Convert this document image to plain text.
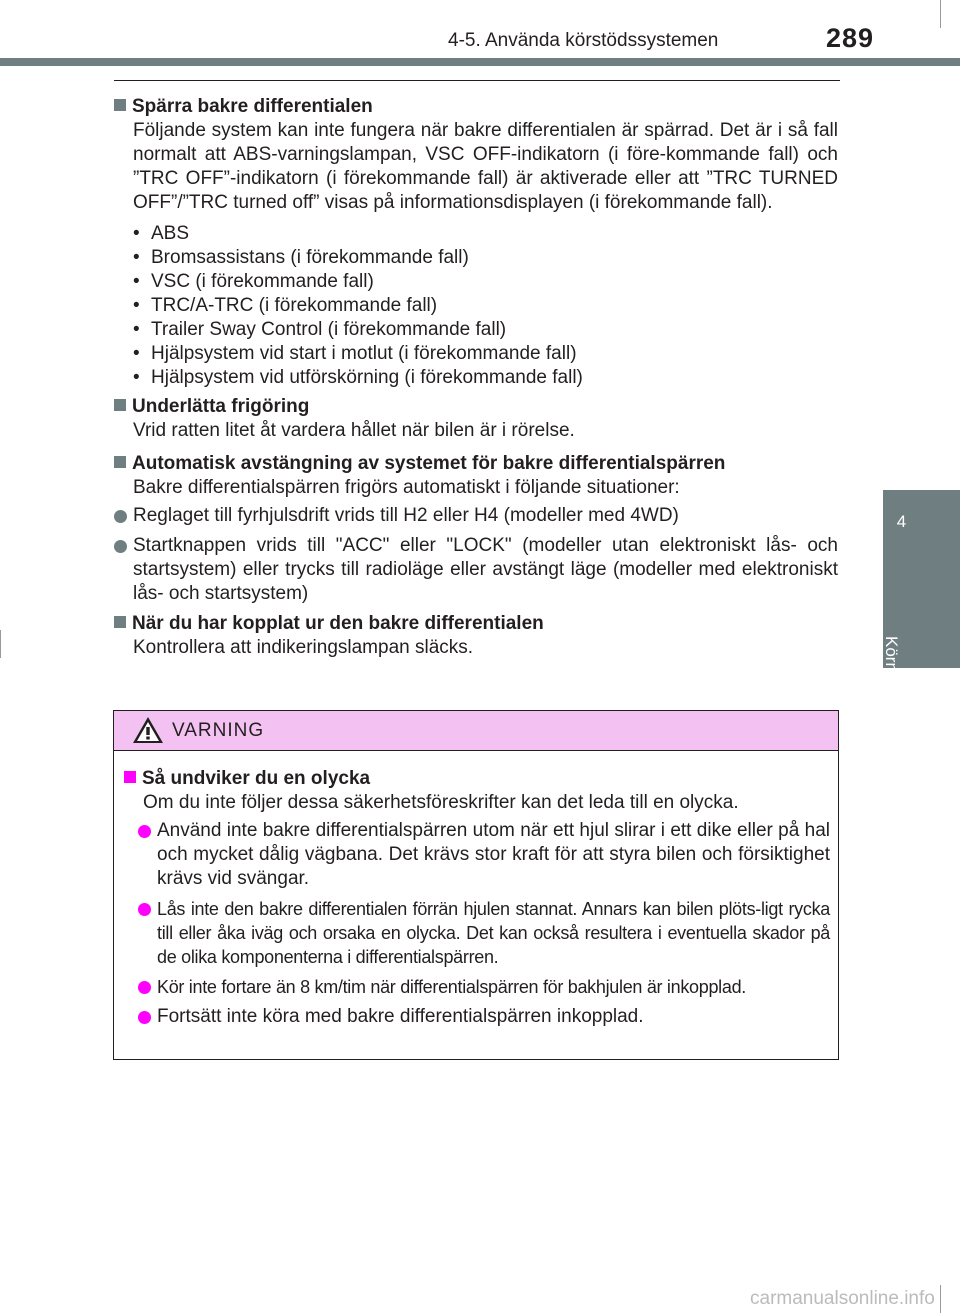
4-5. Använda körstödssystemen	289
4
Körning
Spärra bakre differentialen
Följande system kan inte fungera när bakre differentialen är spärrad. Det är i så fall normalt att ABS-varningslampan, VSC OFF-indikatorn (i före-kommande fall) och ”TRC OFF”-indikatorn (i förekommande fall) är aktiverade eller att ”TRC TURNED OFF”/”TRC turned off” visas på informationsdisplayen (i förekommande fall).
• ABS
• Bromsassistans (i förekommande fall)
• VSC (i förekommande fall)
• TRC/A-TRC (i förekommande fall)
• Trailer Sway Control (i förekommande fall)
• Hjälpsystem vid start i motlut (i förekommande fall)
• Hjälpsystem vid utförskörning (i förekommande fall)
Underlätta frigöring
Vrid ratten litet åt vardera hållet när bilen är i rörelse.
Automatisk avstängning av systemet för bakre differentialspärren
Bakre differentialspärren frigörs automatiskt i följande situationer:
Reglaget till fyrhjulsdrift vrids till H2 eller H4 (modeller med 4WD)
Startknappen vrids till "ACC" eller "LOCK" (modeller utan elektroniskt lås- och startsystem) eller trycks till radioläge eller avstängt läge (modeller med elektroniskt lås- och startsystem)
När du har kopplat ur den bakre differentialen
Kontrollera att indikeringslampan släcks.
VARNING
Så undviker du en olycka
Om du inte följer dessa säkerhetsföreskrifter kan det leda till en olycka.
Använd inte bakre differentialspärren utom när ett hjul slirar i ett dike eller på hal och mycket dålig vägbana. Det krävs stor kraft för att styra bilen och försiktighet krävs vid svängar.
Lås inte den bakre differentialen förrän hjulen stannat. Annars kan bilen plöts-ligt rycka till eller åka iväg och orsaka en olycka. Det kan också resultera i eventuella skador på de olika komponenterna i differentialspärren.
Kör inte fortare än 8 km/tim när differentialspärren för bakhjulen är inkopplad.
Fortsätt inte köra med bakre differentialspärren inkopplad.
carmanualsonline.info
